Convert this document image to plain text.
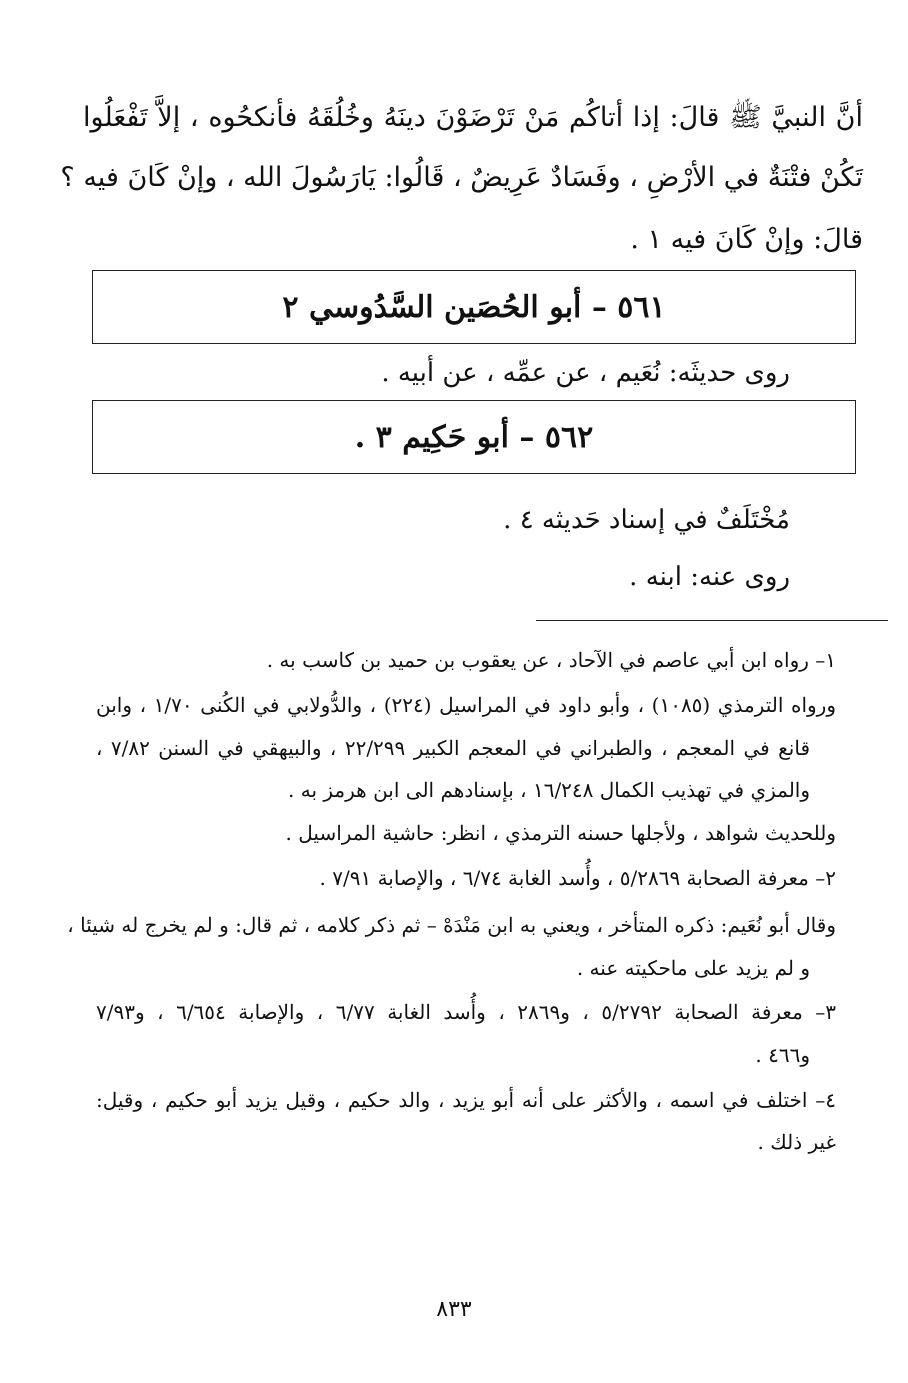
أنَّ النبيَّ ﷺ قالَ: إذا أتاكُم مَنْ تَرْضَوْنَ دينَهُ وخُلُقَهُ فأنكحُوه ، إلاَّ تَفْعَلُوا
تَكُنْ فتْنَةٌ في الأرْضِ ، وفَسَادٌ عَرِيضٌ ، قَالُوا: يَارَسُولَ الله ، وإنْ كَانَ فيه ؟
قالَ: وإنْ كَانَ فيه ١ .
٥٦١ – أبو الحُصَين السَّدُوسي ٢
روى حديثَه: نُعَيم ، عن عمِّه ، عن أبيه .
٥٦٢ – أبو حَكِيم ٣ .
مُخْتَلَفٌ في إسناد حَديثه ٤ .
روى عنه: ابنه .
١– رواه ابن أبي عاصم في الآحاد ، عن يعقوب بن حميد بن كاسب به .
ورواه الترمذي (١٠٨٥) ، وأبو داود في المراسيل (٢٢٤) ، والدُّولابي في الكُنى ١/٧٠ ، وابن
قانع في المعجم ، والطبراني في المعجم الكبير ٢٢/٢٩٩ ، والبيهقي في السنن ٧/٨٢ ،
والمزي في تهذيب الكمال ١٦/٢٤٨ ، بإسنادهم الى ابن هرمز به .
وللحديث شواهد ، ولأجلها حسنه الترمذي ، انظر: حاشية المراسيل .
٢– معرفة الصحابة ٥/٢٨٦٩ ، وأُسد الغابة ٦/٧٤ ، والإصابة ٧/٩١ .
وقال أبو نُعَيم: ذكره المتأخر ، ويعني به ابن مَنْدَهْ – ثم ذكر كلامه ، ثم قال: و لم يخرج له شيئا ،
و لم يزيد على ماحكيته عنه .
٣– معرفة الصحابة ٥/٢٧٩٢ ، و٢٨٦٩ ، وأُسد الغابة ٦/٧٧ ، والإصابة ٦/٦٥٤ ، و٧/٩٣
و٤٦٦ .
٤– اختلف في اسمه ، والأكثر على أنه أبو يزيد ، والد حكيم ، وقيل يزيد أبو حكيم ، وقيل:
غير ذلك .
٨٣٣
